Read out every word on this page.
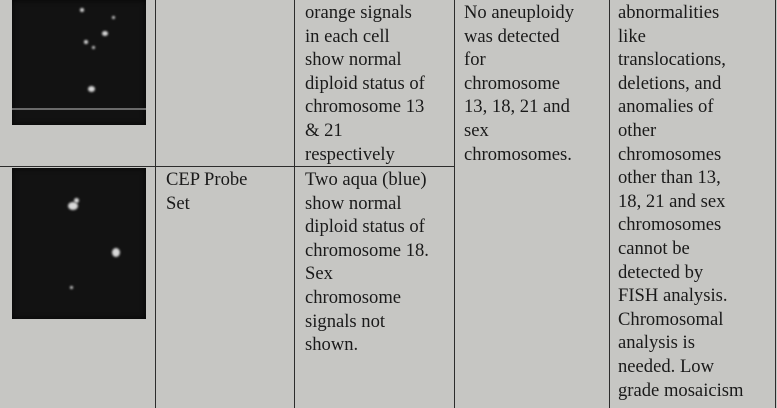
orange signals
in each cell
show normal
diploid status of
chromosome 13
& 21
respectively
No aneuploidy
was detected
for
chromosome
13, 18, 21 and
sex
chromosomes.
abnormalities
like
translocations,
deletions, and
anomalies of
other
chromosomes
other than 13,
18, 21 and sex
chromosomes
cannot be
detected by
FISH analysis.
Chromosomal
analysis is
needed. Low
grade mosaicism
CEP Probe
Set
Two aqua (blue)
show normal
diploid status of
chromosome 18.
Sex
chromosome
signals not
shown.
